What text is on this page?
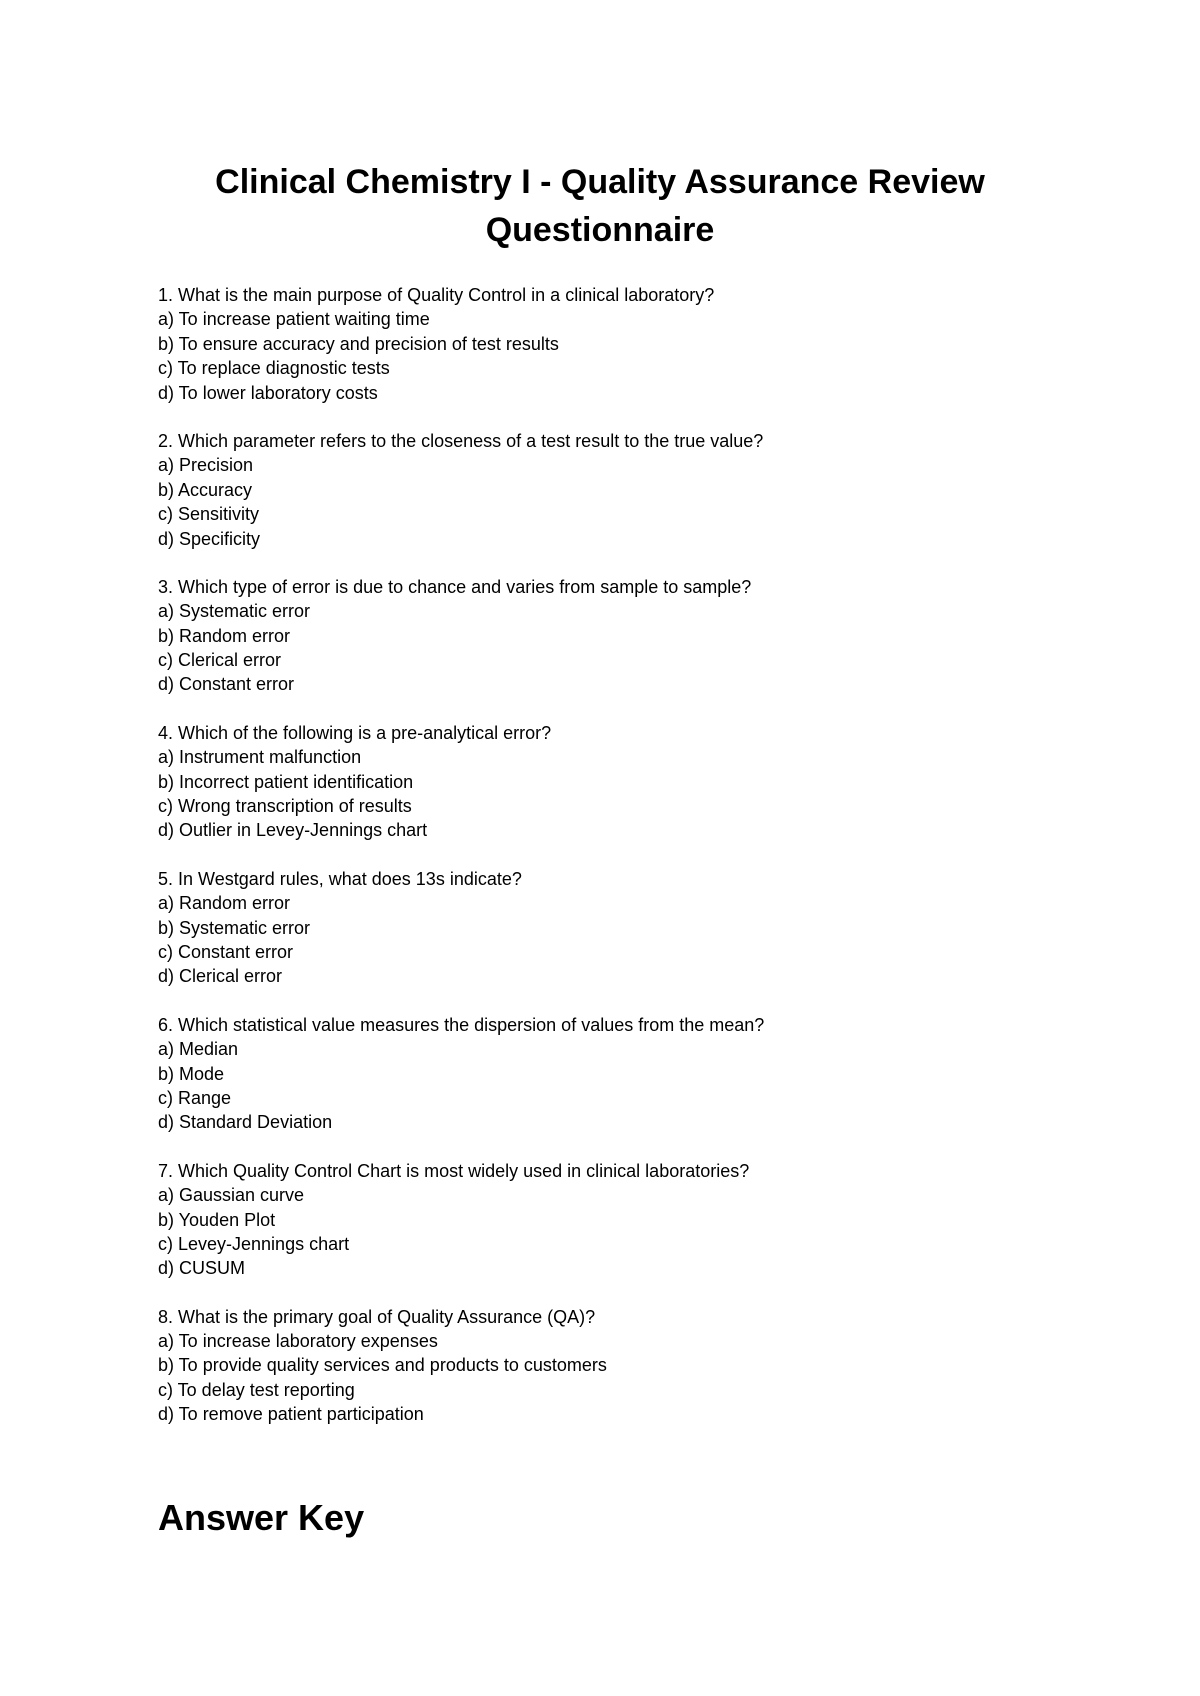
Clinical Chemistry I - Quality Assurance Review Questionnaire
1. What is the main purpose of Quality Control in a clinical laboratory?
a) To increase patient waiting time
b) To ensure accuracy and precision of test results
c) To replace diagnostic tests
d) To lower laboratory costs
2. Which parameter refers to the closeness of a test result to the true value?
a) Precision
b) Accuracy
c) Sensitivity
d) Specificity
3. Which type of error is due to chance and varies from sample to sample?
a) Systematic error
b) Random error
c) Clerical error
d) Constant error
4. Which of the following is a pre-analytical error?
a) Instrument malfunction
b) Incorrect patient identification
c) Wrong transcription of results
d) Outlier in Levey-Jennings chart
5. In Westgard rules, what does 13s indicate?
a) Random error
b) Systematic error
c) Constant error
d) Clerical error
6. Which statistical value measures the dispersion of values from the mean?
a) Median
b) Mode
c) Range
d) Standard Deviation
7. Which Quality Control Chart is most widely used in clinical laboratories?
a) Gaussian curve
b) Youden Plot
c) Levey-Jennings chart
d) CUSUM
8. What is the primary goal of Quality Assurance (QA)?
a) To increase laboratory expenses
b) To provide quality services and products to customers
c) To delay test reporting
d) To remove patient participation
Answer Key
